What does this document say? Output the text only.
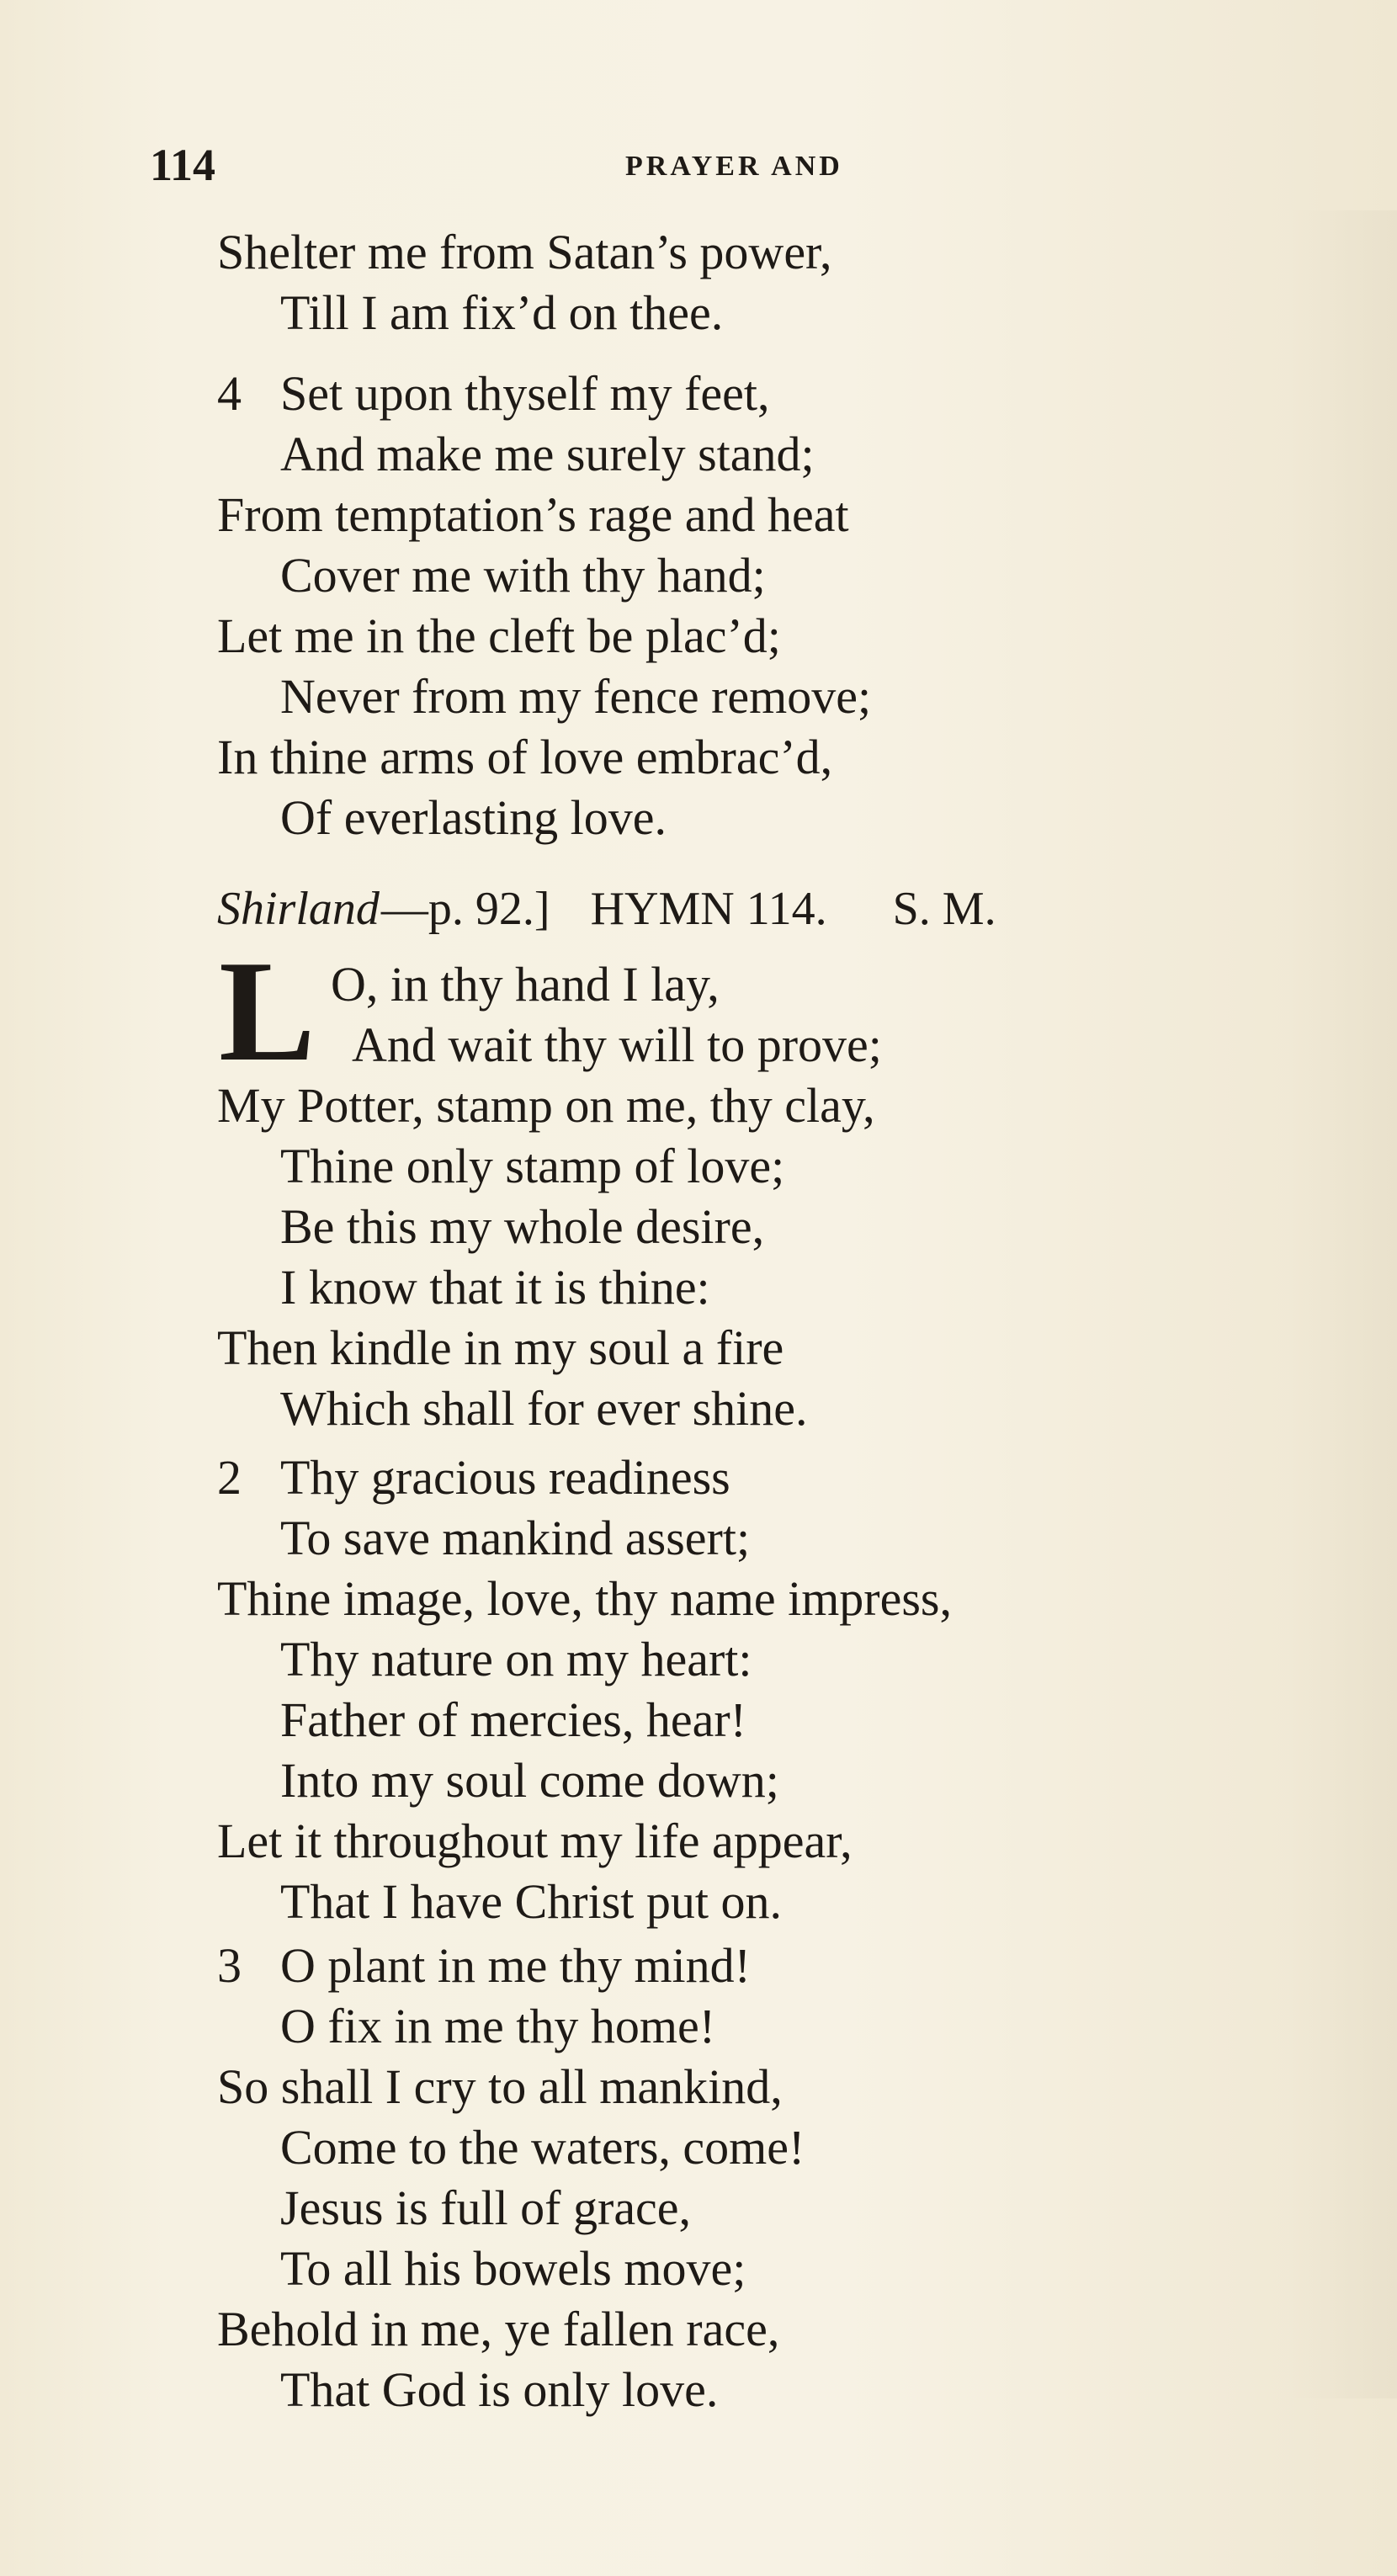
114	PRAYER AND
Shelter me from Satan’s power,
Till I am fix’d on thee.
4 Set upon thyself my feet,
And make me surely stand;
From temptation’s rage and heat
Cover me with thy hand;
Let me in the cleft be plac’d;
Never from my fence remove;
In thine arms of love embrac’d,
Of everlasting love.
Shirland—p. 92.] HYMN 114. S. M.
L O, in thy hand I lay,
And wait thy will to prove;
My Potter, stamp on me, thy clay,
Thine only stamp of love;
Be this my whole desire,
I know that it is thine:
Then kindle in my soul a fire
Which shall for ever shine.
2 Thy gracious readiness
To save mankind assert;
Thine image, love, thy name impress,
Thy nature on my heart:
Father of mercies, hear!
Into my soul come down;
Let it throughout my life appear,
That I have Christ put on.
3 O plant in me thy mind!
O fix in me thy home!
So shall I cry to all mankind,
Come to the waters, come!
Jesus is full of grace,
To all his bowels move;
Behold in me, ye fallen race,
That God is only love.
